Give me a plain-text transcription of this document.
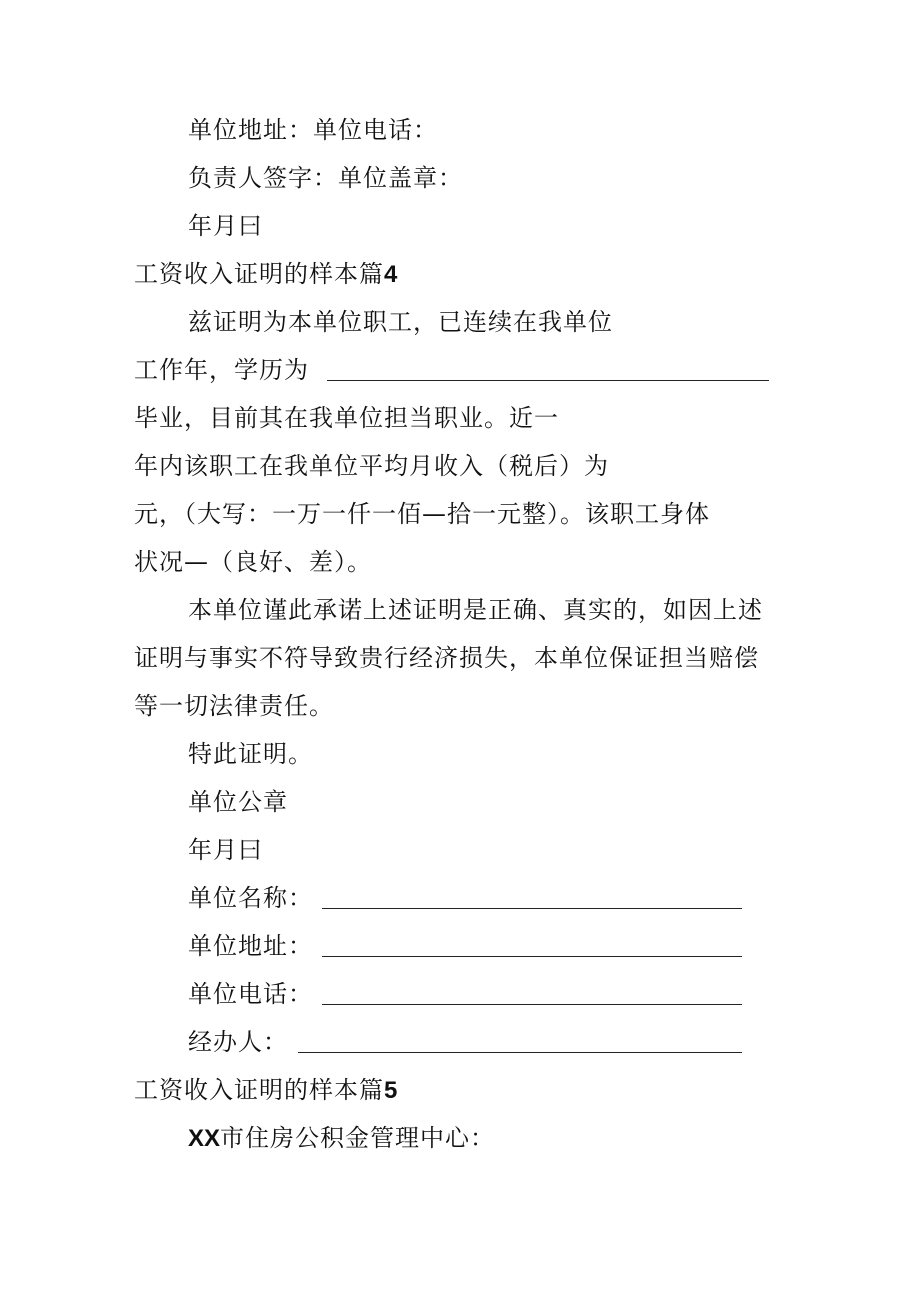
单位地址：单位电话：
负责人签字：单位盖章：
年月曰
工资收入证明的样本篇4
兹证明为本单位职工，已连续在我单位
工作年，学历为
毕业，目前其在我单位担当职业。近一
年内该职工在我单位平均月收入（税后）为
元，（大写：一万一仟一佰—拾一元整）。该职工身体
状况—（良好、差）。
本单位谨此承诺上述证明是正确、真实的，如因上述
证明与事实不符导致贵行经济损失，本单位保证担当赔偿
等一切法律责任。
特此证明。
单位公章
年月曰
单位名称：
单位地址：
单位电话：
经办人：
工资收入证明的样本篇5
XX市住房公积金管理中心：
